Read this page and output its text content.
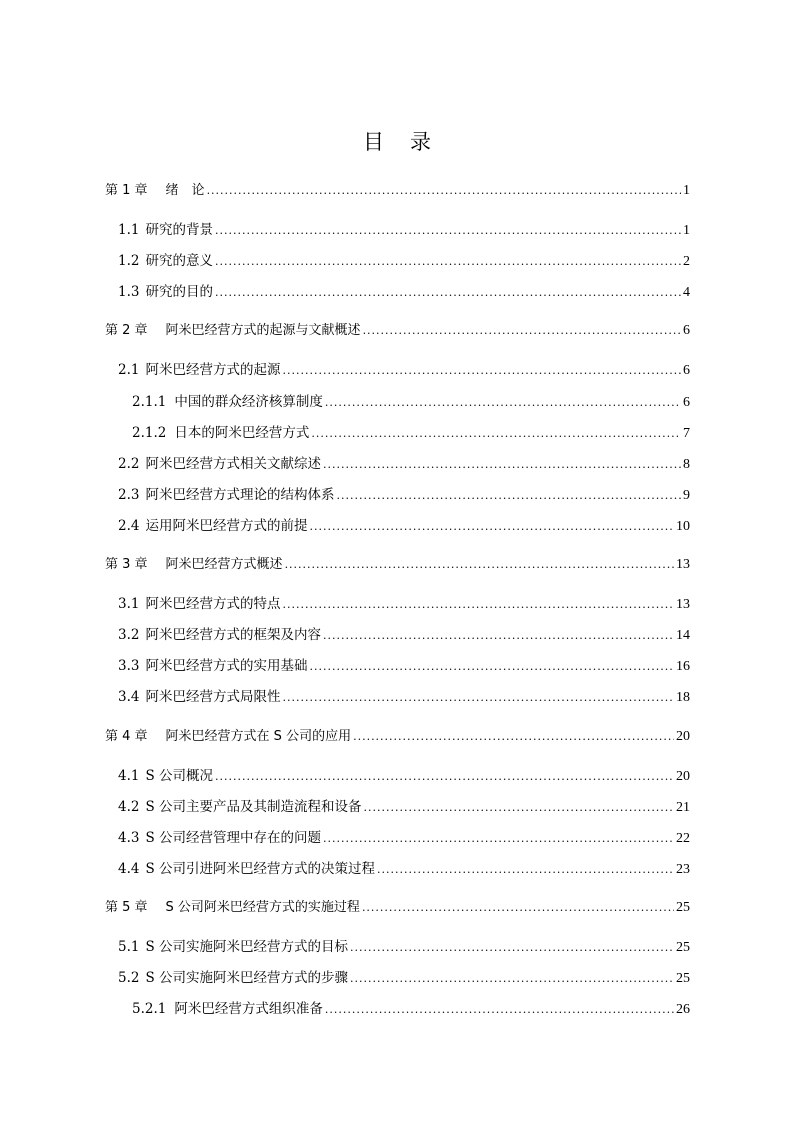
目 录
第 1 章 绪　论 .....	1
1.1 研究的背景 .....	1
1.2 研究的意义 .....	2
1.3 研究的目的 .....	4
第 2 章 阿米巴经营方式的起源与文献概述 .....	6
2.1 阿米巴经营方式的起源 .....	6
2.1.1 中国的群众经济核算制度 .....	6
2.1.2 日本的阿米巴经营方式 .....	7
2.2 阿米巴经营方式相关文献综述 .....	8
2.3 阿米巴经营方式理论的结构体系 .....	9
2.4 运用阿米巴经营方式的前提 .....	10
第 3 章 阿米巴经营方式概述 .....	13
3.1 阿米巴经营方式的特点 .....	13
3.2 阿米巴经营方式的框架及内容 .....	14
3.3 阿米巴经营方式的实用基础 .....	16
3.4 阿米巴经营方式局限性 .....	18
第 4 章 阿米巴经营方式在 S 公司的应用 .....	20
4.1 S 公司概况 .....	20
4.2 S 公司主要产品及其制造流程和设备 .....	21
4.3 S 公司经营管理中存在的问题 .....	22
4.4 S 公司引进阿米巴经营方式的决策过程 .....	23
第 5 章 S 公司阿米巴经营方式的实施过程 .....	25
5.1 S 公司实施阿米巴经营方式的目标 .....	25
5.2 S 公司实施阿米巴经营方式的步骤 .....	25
5.2.1 阿米巴经营方式组织准备 .....	26
